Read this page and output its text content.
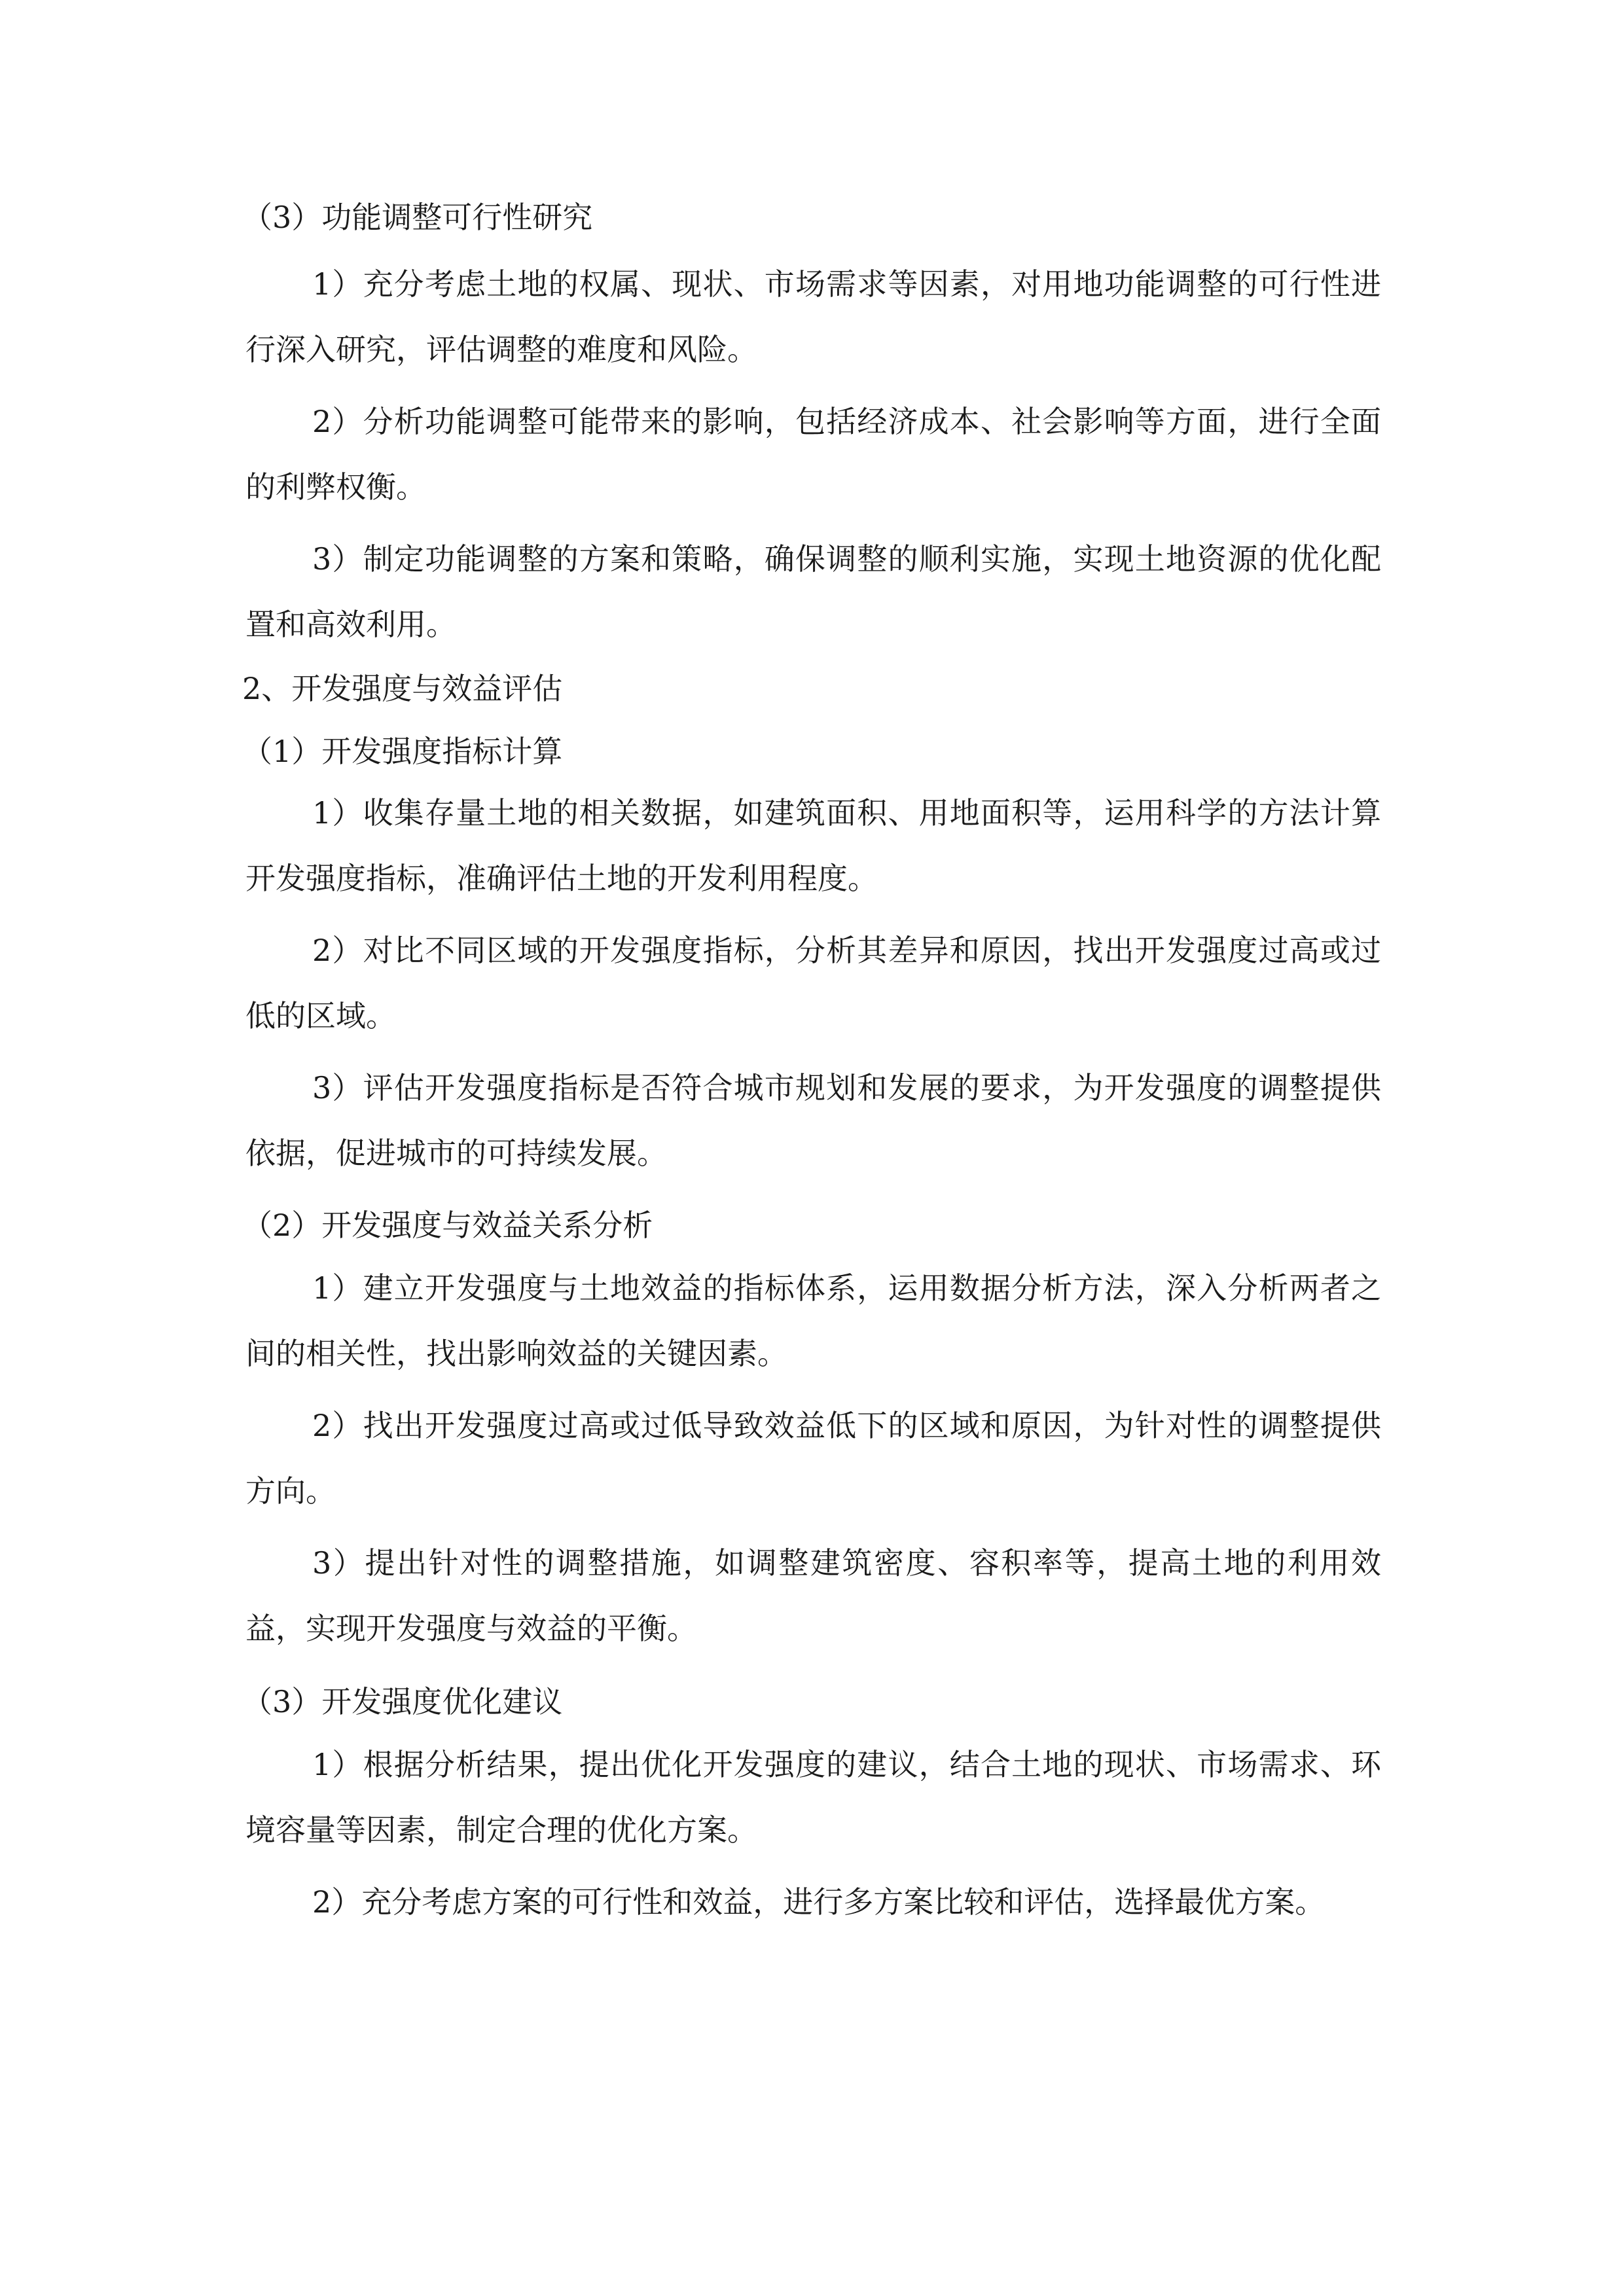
（3）功能调整可行性研究

1）充分考虑土地的权属、现状、市场需求等因素，对用地功能调整的可行性进行深入研究，评估调整的难度和风险。

2）分析功能调整可能带来的影响，包括经济成本、社会影响等方面，进行全面的利弊权衡。

3）制定功能调整的方案和策略，确保调整的顺利实施，实现土地资源的优化配置和高效利用。

2、开发强度与效益评估
（1）开发强度指标计算

1）收集存量土地的相关数据，如建筑面积、用地面积等，运用科学的方法计算开发强度指标，准确评估土地的开发利用程度。

2）对比不同区域的开发强度指标，分析其差异和原因，找出开发强度过高或过低的区域。

3）评估开发强度指标是否符合城市规划和发展的要求，为开发强度的调整提供依据，促进城市的可持续发展。

（2）开发强度与效益关系分析

1）建立开发强度与土地效益的指标体系，运用数据分析方法，深入分析两者之间的相关性，找出影响效益的关键因素。

2）找出开发强度过高或过低导致效益低下的区域和原因，为针对性的调整提供方向。

3）提出针对性的调整措施，如调整建筑密度、容积率等，提高土地的利用效益，实现开发强度与效益的平衡。

（3）开发强度优化建议

1）根据分析结果，提出优化开发强度的建议，结合土地的现状、市场需求、环境容量等因素，制定合理的优化方案。

2）充分考虑方案的可行性和效益，进行多方案比较和评估，选择最优方案。
